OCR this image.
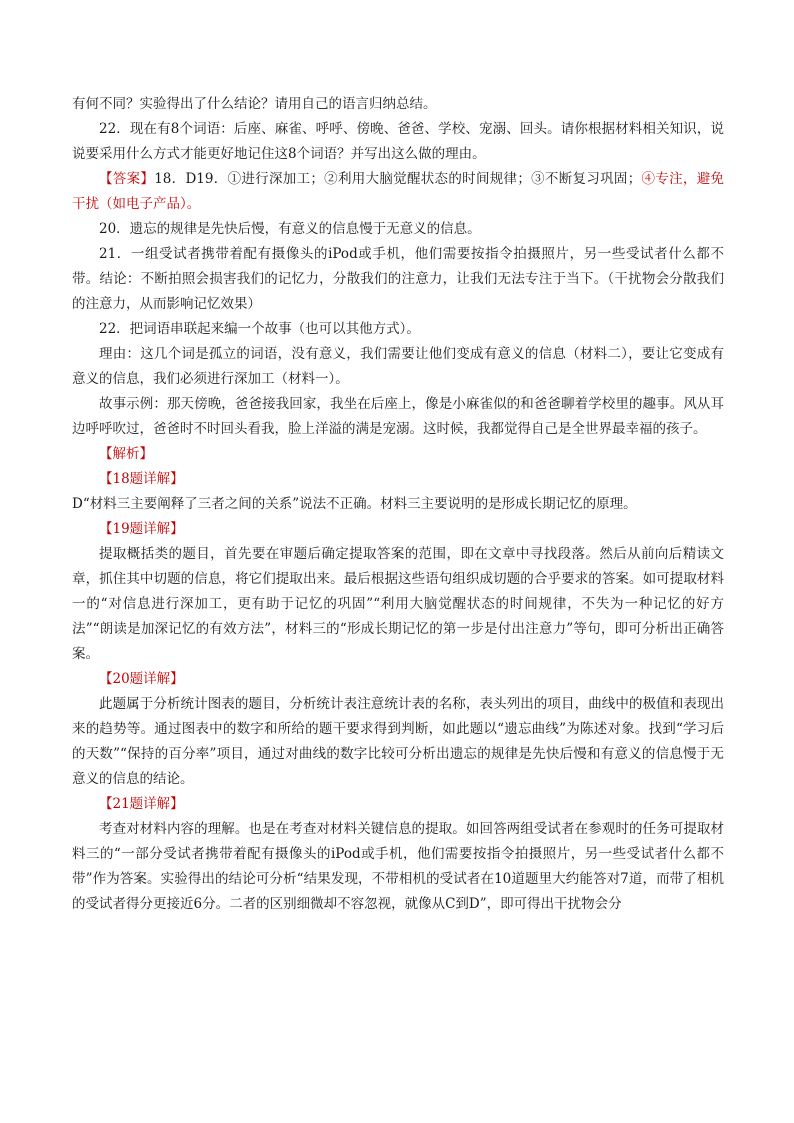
有何不同？实验得出了什么结论？请用自己的语言归纳总结。

22．现在有8个词语：后座、麻雀、呼呼、傍晚、爸爸、学校、宠溺、回头。请你根据材料相关知识，说说要采用什么方式才能更好地记住这8个词语？并写出这么做的理由。

【答案】18．D19．①进行深加工；②利用大脑觉醒状态的时间规律；③不断复习巩固；④专注，避免干扰（如电子产品）。

20．遗忘的规律是先快后慢，有意义的信息慢于无意义的信息。

21．一组受试者携带着配有摄像头的iPod或手机，他们需要按指令拍摄照片，另一些受试者什么都不带。结论：不断拍照会损害我们的记忆力，分散我们的注意力，让我们无法专注于当下。（干扰物会分散我们的注意力，从而影响记忆效果）

22．把词语串联起来编一个故事（也可以其他方式）。

理由：这几个词是孤立的词语，没有意义，我们需要让他们变成有意义的信息（材料二），要让它变成有意义的信息，我们必须进行深加工（材料一）。

故事示例：那天傍晚，爸爸接我回家，我坐在后座上，像是小麻雀似的和爸爸聊着学校里的趣事。风从耳边呼呼吹过，爸爸时不时回头看我，脸上洋溢的满是宠溺。这时候，我都觉得自己是全世界最幸福的孩子。

【解析】

【18题详解】

D“材料三主要阐释了三者之间的关系”说法不正确。材料三主要说明的是形成长期记忆的原理。

【19题详解】

提取概括类的题目，首先要在审题后确定提取答案的范围，即在文章中寻找段落。然后从前向后精读文章，抓住其中切题的信息，将它们提取出来。最后根据这些语句组织成切题的合乎要求的答案。如可提取材料一的“对信息进行深加工，更有助于记忆的巩固”“利用大脑觉醒状态的时间规律，不失为一种记忆的好方法”“朗读是加深记忆的有效方法”，材料三的“形成长期记忆的第一步是付出注意力”等句，即可分析出正确答案。

【20题详解】

此题属于分析统计图表的题目，分析统计表注意统计表的名称，表头列出的项目，曲线中的极值和表现出来的趋势等。通过图表中的数字和所给的题干要求得到判断，如此题以“遗忘曲线”为陈述对象。找到“学习后的天数”“保持的百分率”项目，通过对曲线的数字比较可分析出遗忘的规律是先快后慢和有意义的信息慢于无意义的信息的结论。

【21题详解】

考查对材料内容的理解。也是在考查对材料关键信息的提取。如回答两组受试者在参观时的任务可提取材料三的“一部分受试者携带着配有摄像头的iPod或手机，他们需要按指令拍摄照片，另一些受试者什么都不带”作为答案。实验得出的结论可分析“结果发现，不带相机的受试者在10道题里大约能答对7道，而带了相机的受试者得分更接近6分。二者的区别细微却不容忽视，就像从C到D”，即可得出干扰物会分
